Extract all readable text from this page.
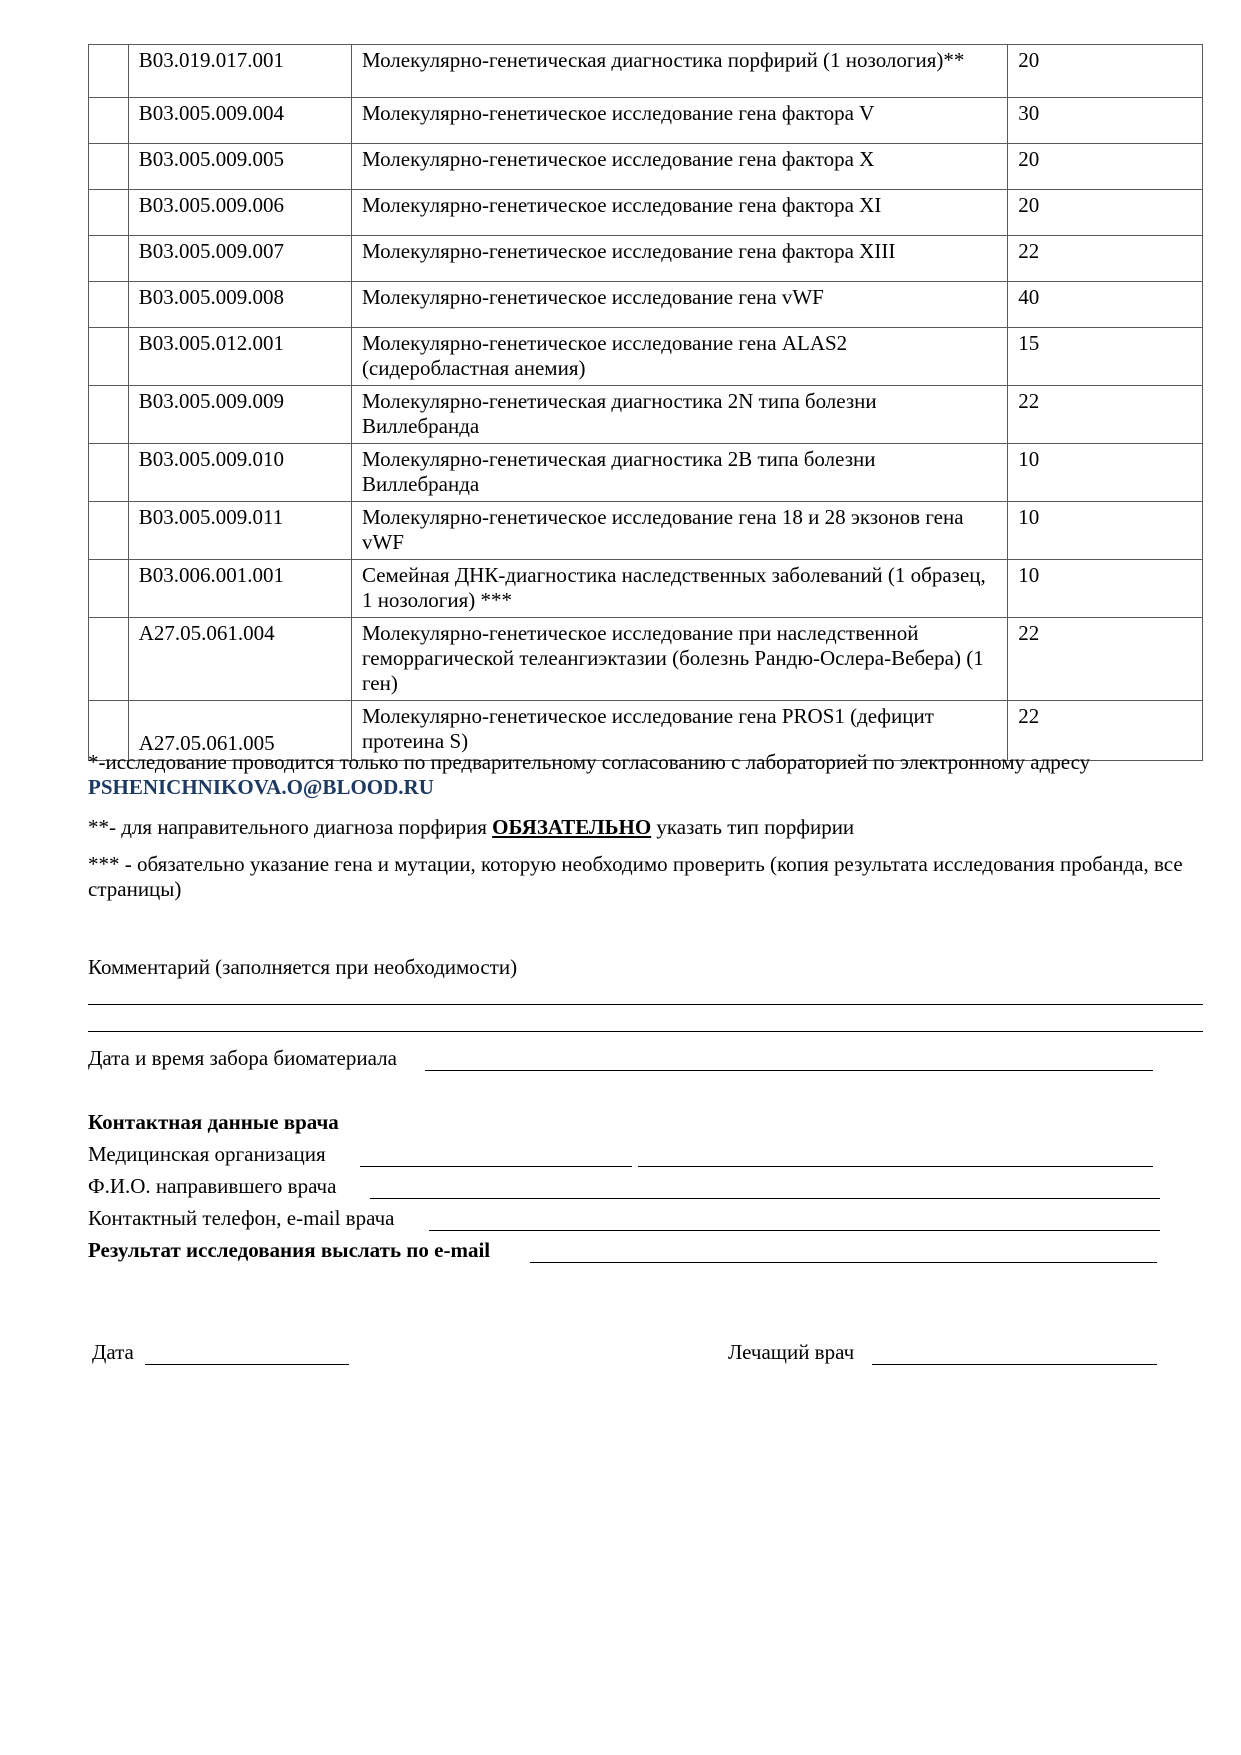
	B03.019.017.001	Молекулярно-генетическая диагностика порфирий (1 нозология)**	20
	B03.005.009.004	Молекулярно-генетическое исследование гена фактора V	30
	B03.005.009.005	Молекулярно-генетическое исследование гена фактора X	20
	B03.005.009.006	Молекулярно-генетическое исследование гена фактора XI	20
	B03.005.009.007	Молекулярно-генетическое исследование гена фактора XIII	22
	B03.005.009.008	Молекулярно-генетическое исследование гена vWF	40
	B03.005.012.001	Молекулярно-генетическое исследование гена ALAS2 (сидеробластная анемия)	15
	B03.005.009.009	Молекулярно-генетическая диагностика 2N типа болезни Виллебранда	22
	B03.005.009.010	Молекулярно-генетическая диагностика 2B типа болезни Виллебранда	10
	B03.005.009.011	Молекулярно-генетическое исследование гена 18 и 28 экзонов гена vWF	10
	B03.006.001.001	Семейная ДНК-диагностика наследственных заболеваний (1 образец, 1 нозология) ***	10
	A27.05.061.004	Молекулярно-генетическое исследование при наследственной геморрагической телеангиэктазии (болезнь Рандю-Ослера-Вебера) (1 ген)	22
	A27.05.061.005	Молекулярно-генетическое исследование гена PROS1 (дефицит протеина S)	22
*-исследование проводится только по предварительному согласованию с лабораторией по электронному адресу PSHENICHNIKOVA.O@BLOOD.RU
**- для направительного диагноза порфирия ОБЯЗАТЕЛЬНО указать тип порфирии
*** - обязательно указание гена и мутации, которую необходимо проверить (копия результата исследования пробанда, все страницы)
Комментарий (заполняется при необходимости)
Дата и время забора биоматериала
Контактная данные врача
Медицинская организация
Ф.И.О. направившего врача
Контактный телефон, e-mail врача
Результат исследования выслать по e-mail
Дата	Лечащий врач
